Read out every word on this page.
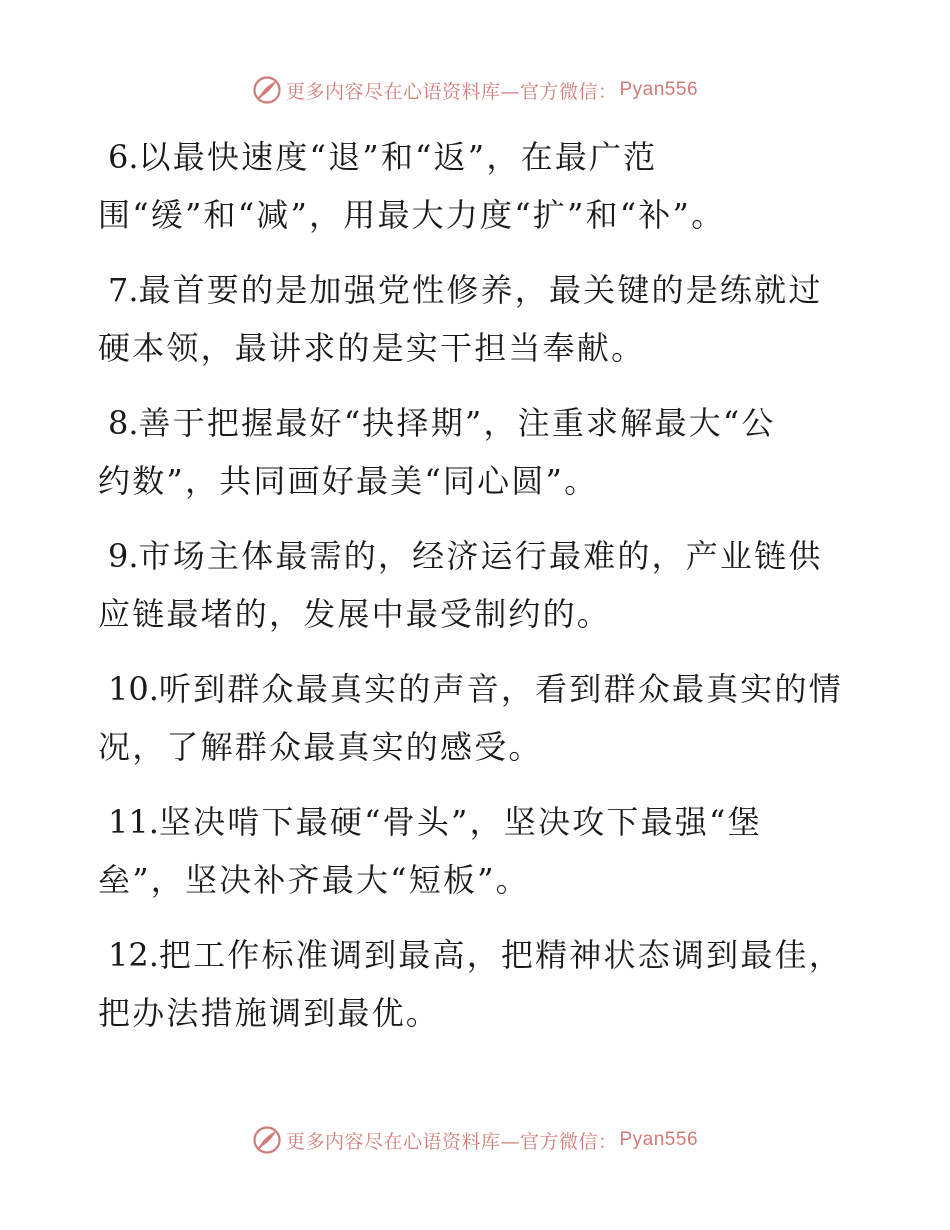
更多内容尽在心语资料库—官方微信： Pyan556

6.以最快速度“退”和“返”，在最广范
围“缓”和“减”，用最大力度“扩”和“补”。

7.最首要的是加强党性修养，最关键的是练就过
硬本领，最讲求的是实干担当奉献。

8.善于把握最好“抉择期”，注重求解最大“公
约数”，共同画好最美“同心圆”。

9.市场主体最需的，经济运行最难的，产业链供
应链最堵的，发展中最受制约的。

10.听到群众最真实的声音，看到群众最真实的情
况，了解群众最真实的感受。

11.坚决啃下最硬“骨头”，坚决攻下最强“堡
垒”，坚决补齐最大“短板”。

12.把工作标准调到最高，把精神状态调到最佳，
把办法措施调到最优。

更多内容尽在心语资料库—官方微信： Pyan556
